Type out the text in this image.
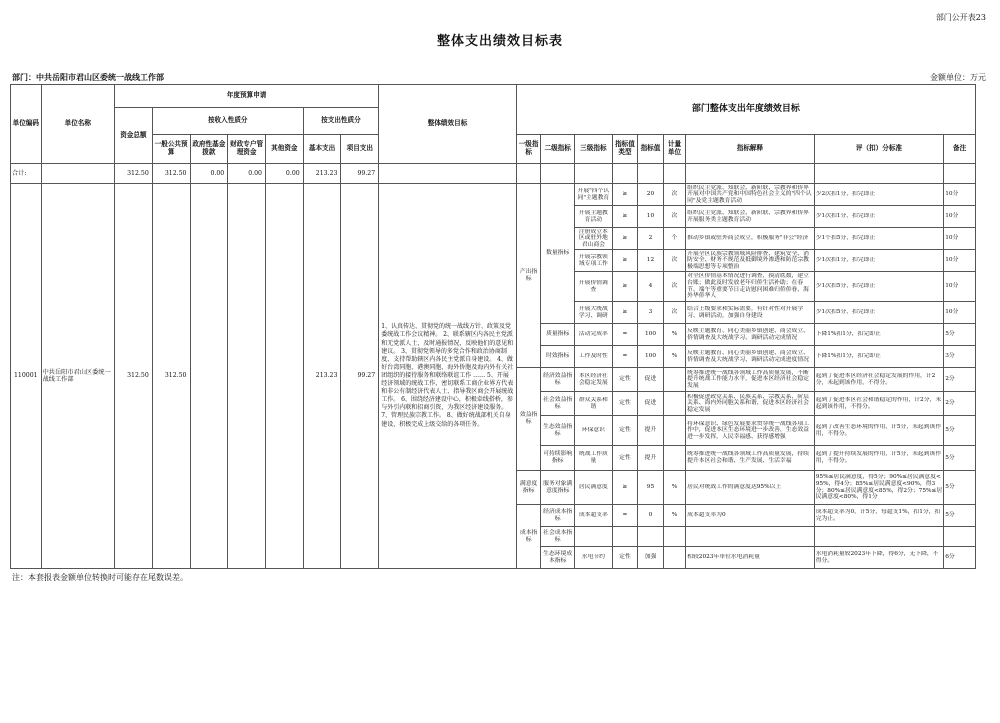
部门公开表23
整体支出绩效目标表
部门：中共岳阳市君山区委统一战线工作部	金额单位：万元
单位编码	单位名称	年度预算申请							整体绩效目标	部门整体支出年度绩效目标								
		资金总额	按收入性质分				按支出性质分											
			一般公共预算	政府性基金拨款	财政专户管理资金	其他资金	基本支出	项目支出		一级指标	二级指标	三级指标	指标值类型	指标值	计量单位	指标解释	评（扣）分标准	备注
合计:		312.50	312.50	0.00	0.00	0.00	213.23	99.27										
110001	中共岳阳市君山区委统一战线工作部	312.50	312.50				213.23	99.27	1、认真传达、贯彻党的统一战线方针、政策及党委统战工作会议精神。 2、联系辖区内各民主党派和无党派人士，及时通报情况，反映他们的意见和建议。 3、贯彻党领导的多党合作和政治协商制度，支持帮助辖区内各民主党派自身建设。 4、做好台湾同胞、港澳同胞、海外侨胞及海内外有关社团组织的接待服务和联络联谊工作 …… 5、开展经济领域的统战工作，密切联系工商企业界方代表和非公有制经济代表人士，指导我区商会开展统战工作。 6、围绕经济建设中心，积极牵线搭桥，参与外引内联和招商引资，为我区经济建设服务。 7、管理民族宗教工作。 8、做好统战部机关自身建设，积极完成上级交给的各项任务。	产出指标	数量指标	开展"四个认同"主题教育	≥	20	次	组织民主党派、知联会、新阶联、宗教界和侨界开展对中国共产党和中国特色社会主义的"四个认同"及党主题教育活动	少2次扣1分，扣完即止	10分

												开展主题教育活动	≥	10	次	组织民主党派、知联会、新阶联、宗教界和侨界开展服务类主题教育活动	少1次扣1分，扣完即止	10分

												注册成立本区或驻外地君山商会	≥	2	个	推动乡镇或驻外商会成立，积极服务"非公"经济	少1个扣5分，扣完即止	10分

												开展宗教领域专项工作	≥	12	次	开展全区民族宗教领域风险排查、建筑安全、消防安全、财务不规范及抵御境外渗透和防范宗教极端思想等专项整治	少1次扣1分，扣完即止	10分

												开展侨情调查	≥	4	次	对全区侨情基本情况进行调查，摸清底数，建立台账；做此及时发放老年归侨生活补助；在春节、端午等重要节日走访慰问困难归侨侨眷、海外华侨华人	少1次扣5分，扣完即止	10分

												开展大统战学习、调研	≥	3	次	结合上级要求和实际需要，有针对性对开展学习、调研活动，加强自身建设	少1次扣5分，扣完即止	10分
											质量指标	活动完成率	=	100	%	反映主题教育、同心美丽乡镇创建、商会成立、侨情调查及大统战学习、调研活动完成情况	下降1%扣1分，扣完即止	5分
											时效指标	工作及时性	=	100	%	反映主题教育、同心美丽乡镇创建、商会成立、侨情调查及大统战学习、调研活动完成进度情况	下降1%扣1分，扣完即止	3分
										效益指标	经济效益指标	本区经济社会稳定发展	定性	促进		统筹推进统一战线各领域工作高质量发展，不断提升统战工作能力水平，促进本区经济社会稳定发展	起到了促进本区经济社会稳定发展的作用，计2分，未起到该作用，不得分。	2分
											社会效益指标	群众关系和谐	定性	促进		积极促进政党关系、民族关系、宗教关系、阶层关系、海内外同胞关系和谐，促进本区经济社会稳定发展	起到了促进本区社会和谐稳定的作用，计2分，未起到该作用，不得分。	2分
											生态效益指标	环保意识	定性	提升		将环保意识、绿色发展要求贯穿统一战线各项工作中，促进本区生态环境进一步改善，生态效益进一步发挥，人民幸福感、获得感增强	起到了改善生态环境的作用，计5分，未起到该作用，不得分。	5分
											可持续影响指标	统战工作质量	定性	提升		统筹推进统一战线各领域工作高质量发展，持续提升本区社会和谐、生产发展、生活幸福	起到了提升持续发展的作用，计5分，未起到该作用，不得分。	5分
										满意度指标	服务对象满意度指标	居民满意度	≥	95	%	居民对统战工作的满意度达95%以上	95%≤居民满意度，得5分；90%≤居民满意度<95%，得4分；85%≤居民满意度<90%，得3分；80%≤居民满意度<85%，得2分；75%≤居民满意度<80%，得1分	5分
										成本指标	经济成本指标	成本超支率	=	0	%	成本超支率为0	成本超支率为0，计5分，每超支1%，扣1分，扣完为止。	5分
											社会成本指标							
											生态环境成本指标	水电节约	定性	加强		相较2023年单位水电消耗量	水电消耗量较2023年下降，得6分，无下降，不得分。	6分
注：本套报表金额单位转换时可能存在尾数误差。
